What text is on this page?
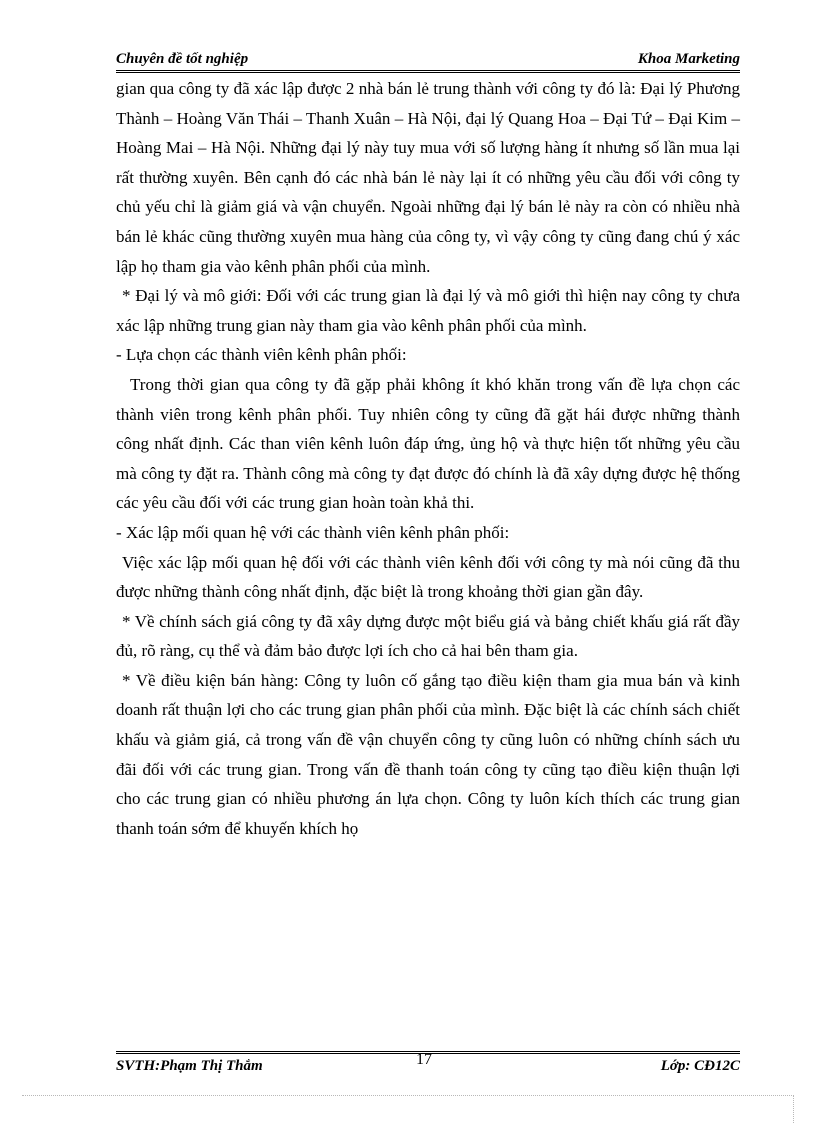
Chuyên đề tốt nghiệp	Khoa Marketing

gian qua công ty đã xác lập được 2 nhà bán lẻ trung thành với công ty đó là: Đại lý Phương Thành – Hoàng Văn Thái – Thanh Xuân – Hà Nội, đại lý Quang Hoa – Đại Tứ – Đại Kim – Hoàng Mai – Hà Nội. Những đại lý này tuy mua với số lượng hàng ít nhưng số lần mua lại rất thường xuyên. Bên cạnh đó các nhà bán lẻ này lại ít có những yêu cầu đối với công ty chủ yếu chỉ là giảm giá và vận chuyển. Ngoài những đại lý bán lẻ này ra còn có nhiều nhà bán lẻ khác cũng thường xuyên mua hàng của công ty, vì vậy công ty cũng đang chú ý xác lập họ tham gia vào kênh phân phối của mình.

* Đại lý và mô giới: Đối với các trung gian là đại lý và mô giới thì hiện nay công ty chưa xác lập những trung gian này tham gia vào kênh phân phối của mình.

- Lựa chọn các thành viên kênh phân phối:

Trong thời gian qua công ty đã gặp phải không ít khó khăn trong vấn đề lựa chọn các thành viên trong kênh phân phối. Tuy nhiên công ty cũng đã gặt hái được những thành công nhất định. Các than viên kênh luôn đáp ứng, ủng hộ và thực hiện tốt những yêu cầu mà công ty đặt ra. Thành công mà công ty đạt được đó chính là đã xây dựng được hệ thống các yêu cầu đối với các trung gian hoàn toàn khả thi.

- Xác lập mối quan hệ với các thành viên kênh phân phối:

Việc xác lập mối quan hệ đối với các thành viên kênh đối với công ty mà nói cũng đã thu được những thành công nhất định, đặc biệt là trong khoảng thời gian gần đây.

* Về chính sách giá công ty đã xây dựng được một biểu giá và bảng chiết khấu giá rất đầy đủ, rõ ràng, cụ thể và đảm bảo được lợi ích cho cả hai bên tham gia.

* Về điều kiện bán hàng: Công ty luôn cố gắng tạo điều kiện tham gia mua bán và kinh doanh rất thuận lợi cho các trung gian phân phối của mình. Đặc biệt là các chính sách chiết khấu và giảm giá, cả trong vấn đề vận chuyển công ty cũng luôn có những chính sách ưu đãi đối với các trung gian. Trong vấn đề thanh toán công ty cũng tạo điều kiện thuận lợi cho các trung gian có nhiều phương án lựa chọn. Công ty luôn kích thích các trung gian thanh toán sớm để khuyến khích họ

SVTH:Phạm Thị Thắm	17	Lớp: CĐ12C
